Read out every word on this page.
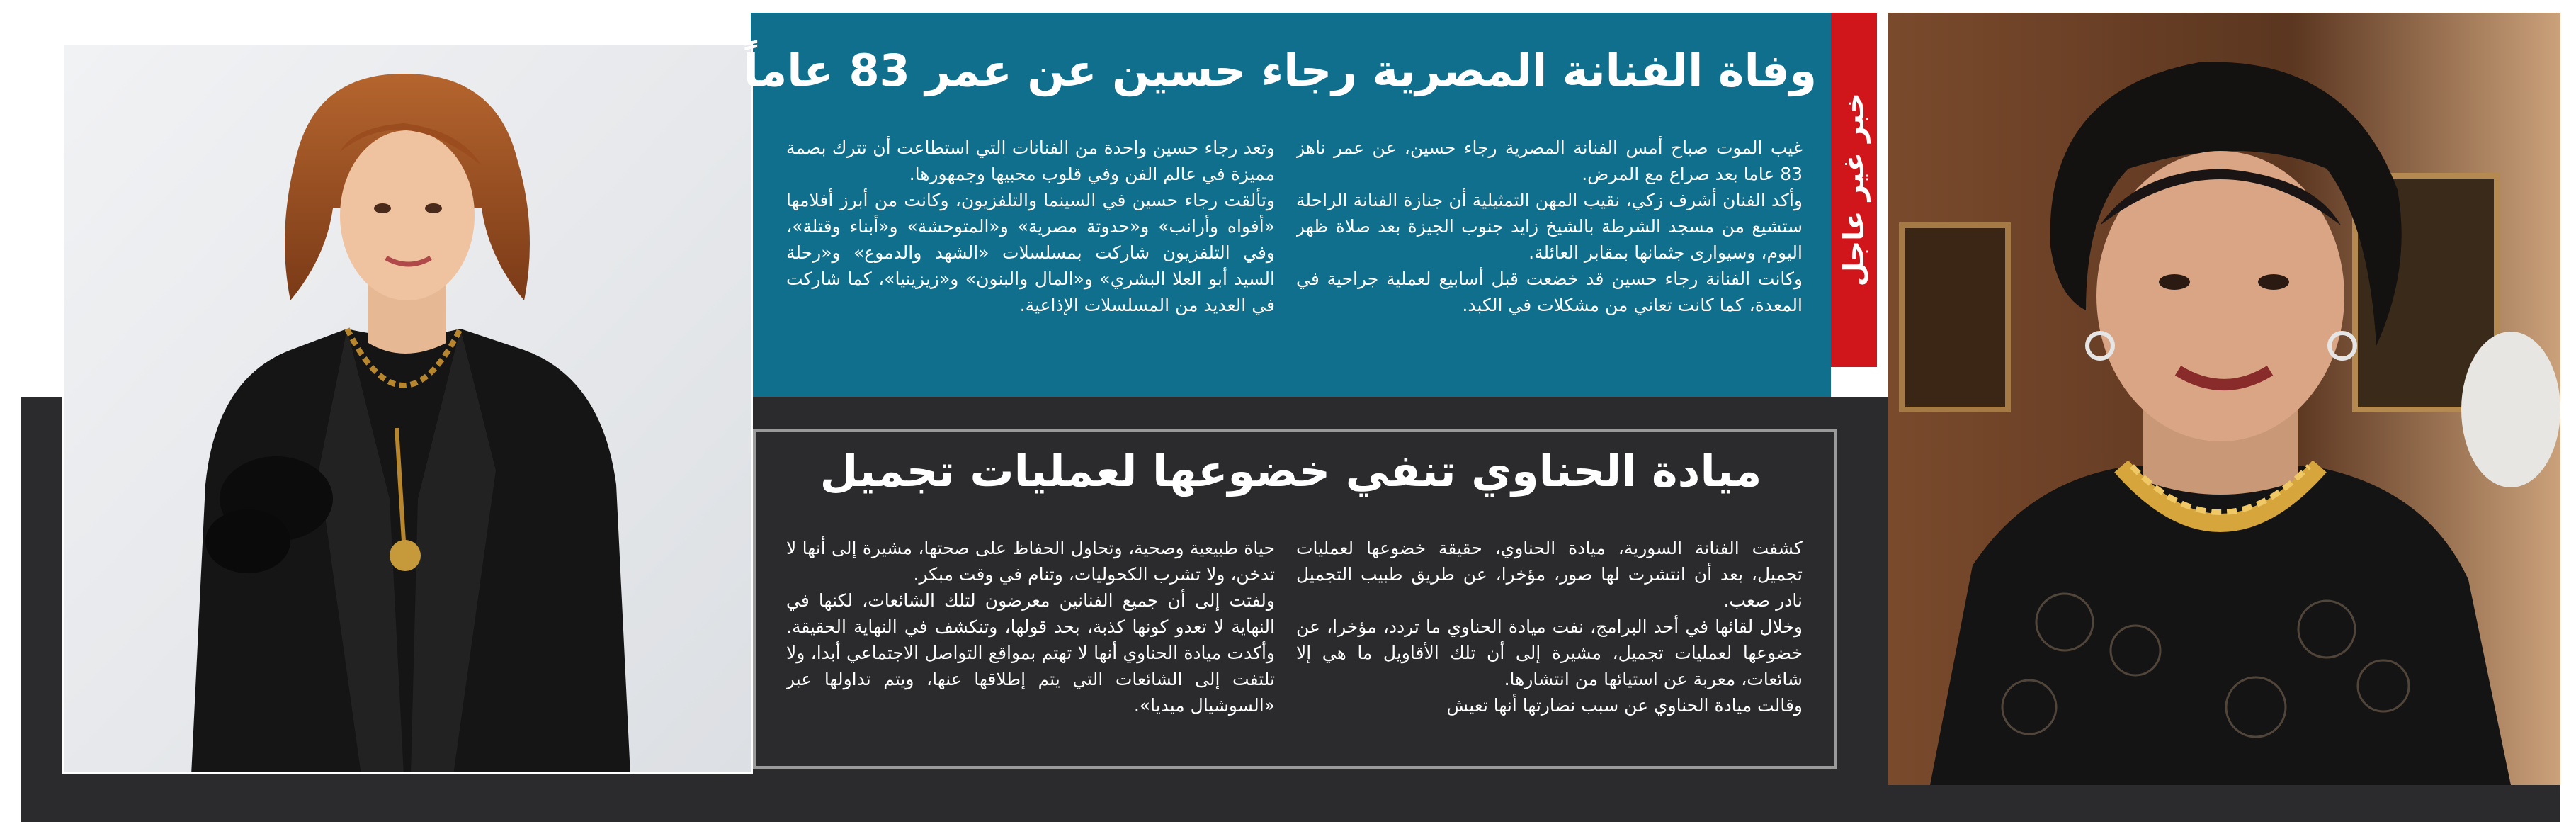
خبر غير عاجل
وفاة الفنانة المصرية رجاء حسين عن عمر 83 عاماً

غيب الموت صباح أمس الفنانة المصرية رجاء حسين، عن عمر ناهز 83 عاما بعد صراع مع المرض.

وأكد الفنان أشرف زكي، نقيب المهن التمثيلية أن جنازة الفنانة الراحلة ستشيع من مسجد الشرطة بالشيخ زايد جنوب الجيزة بعد صلاة ظهر اليوم، وسيوارى جثمانها بمقابر العائلة.

وكانت الفنانة رجاء حسين قد خضعت قبل أسابيع لعملية جراحية في المعدة، كما كانت تعاني من مشكلات في الكبد.

وتعد رجاء حسين واحدة من الفنانات التي استطاعت أن تترك بصمة مميزة في عالم الفن وفي قلوب محبيها وجمهورها.

وتألقت رجاء حسين في السينما والتلفزيون، وكانت من أبرز أفلامها «أفواه وأرانب» و«حدوتة مصرية» و«المتوحشة» و«أبناء وقتلة»، وفي التلفزيون شاركت بمسلسلات «الشهد والدموع» و«رحلة السيد أبو العلا البشري» و«المال والبنون» و«زيزينيا»، كما شاركت في العديد من المسلسلات الإذاعية.

ميادة الحناوي تنفي خضوعها لعمليات تجميل

كشفت الفنانة السورية، ميادة الحناوي، حقيقة خضوعها لعمليات تجميل، بعد أن انتشرت لها صور، مؤخرا، عن طريق طبيب التجميل نادر صعب.

وخلال لقائها في أحد البرامج، نفت ميادة الحناوي ما تردد، مؤخرا، عن خضوعها لعمليات تجميل، مشيرة إلى أن تلك الأقاويل ما هي إلا شائعات، معربة عن استيائها من انتشارها.

وقالت ميادة الحناوي عن سبب نضارتها أنها تعيش

حياة طبيعية وصحية، وتحاول الحفاظ على صحتها، مشيرة إلى أنها لا تدخن، ولا تشرب الكحوليات، وتنام في وقت مبكر.

ولفتت إلى أن جميع الفنانين معرضون لتلك الشائعات، لكنها في النهاية لا تعدو كونها كذبة، بحد قولها، وتنكشف في النهاية الحقيقة. وأكدت ميادة الحناوي أنها لا تهتم بمواقع التواصل الاجتماعي أبدا، ولا تلتفت إلى الشائعات التي يتم إطلاقها عنها، ويتم تداولها عبر «السوشيال ميديا».
